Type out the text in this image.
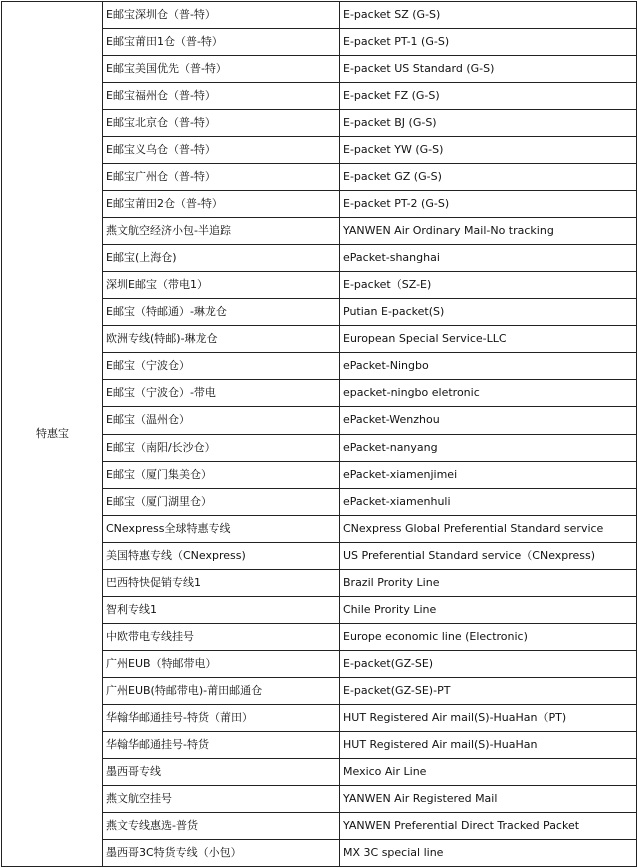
特惠宝	E邮宝深圳仓（普-特）	E-packet SZ (G-S)
	E邮宝莆田1仓（普-特）	E-packet PT-1 (G-S)
	E邮宝美国优先（普-特）	E-packet US Standard (G-S)
	E邮宝福州仓（普-特）	E-packet FZ (G-S)
	E邮宝北京仓（普-特）	E-packet BJ (G-S)
	E邮宝义乌仓（普-特）	E-packet YW (G-S)
	E邮宝广州仓（普-特）	E-packet GZ (G-S)
	E邮宝莆田2仓（普-特）	E-packet PT-2 (G-S)
	燕文航空经济小包-半追踪	YANWEN Air Ordinary Mail-No tracking
	E邮宝(上海仓)	ePacket-shanghai
	深圳E邮宝（带电1）	E-packet（SZ-E)
	E邮宝（特邮通）-琳龙仓	Putian E-packet(S)
	欧洲专线(特邮)-琳龙仓	European Special Service-LLC
	E邮宝（宁波仓）	ePacket-Ningbo
	E邮宝（宁波仓）-带电	epacket-ningbo eletronic
	E邮宝（温州仓）	ePacket-Wenzhou
	E邮宝（南阳/长沙仓）	ePacket-nanyang
	E邮宝（厦门集美仓）	ePacket-xiamenjimei
	E邮宝（厦门湖里仓）	ePacket-xiamenhuli
	CNexpress全球特惠专线	CNexpress Global Preferential Standard service
	美国特惠专线（CNexpress)	US Preferential Standard service（CNexpress)
	巴西特快促销专线1	Brazil Prority Line
	智利专线1	Chile Prority Line
	中欧带电专线挂号	Europe economic line (Electronic)
	广州EUB（特邮带电）	E-packet(GZ-SE)
	广州EUB(特邮带电)-莆田邮通仓	E-packet(GZ-SE)-PT
	华翰华邮通挂号-特货（莆田）	HUT Registered Air mail(S)-HuaHan（PT)
	华翰华邮通挂号-特货	HUT Registered Air mail(S)-HuaHan
	墨西哥专线	Mexico Air Line
	燕文航空挂号	YANWEN Air Registered Mail
	燕文专线惠选-普货	YANWEN Preferential Direct Tracked Packet
	墨西哥3C特货专线（小包）	MX 3C special line
